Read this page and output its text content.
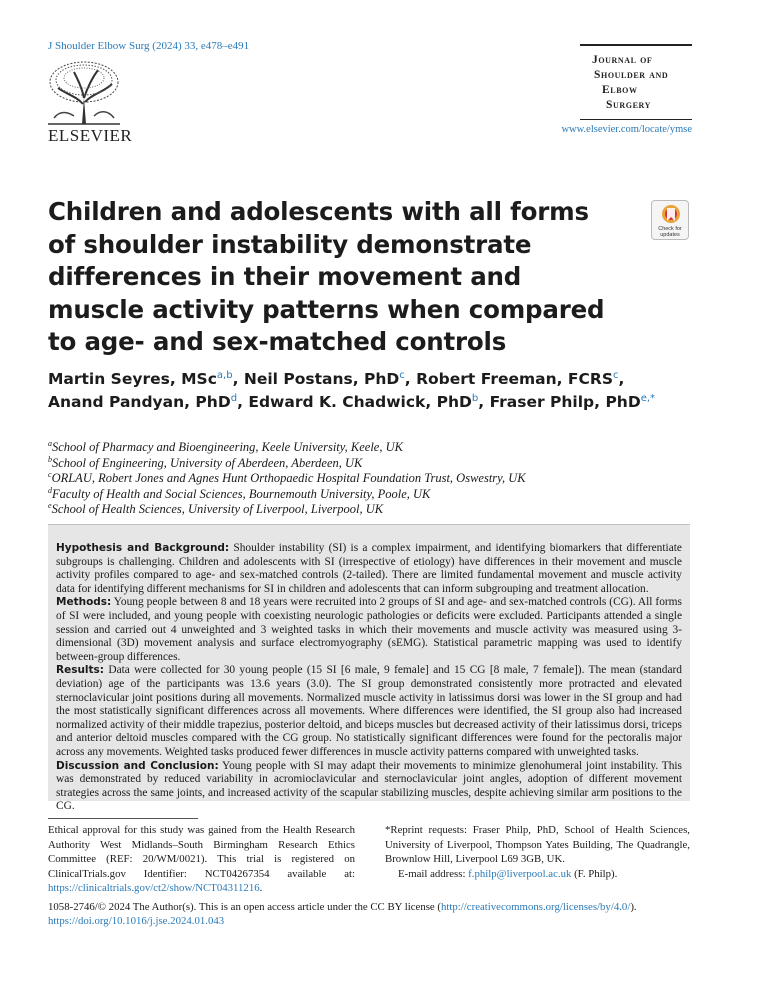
J Shoulder Elbow Surg (2024) 33, e478–e491
ELSEVIER
Journal of
Shoulder and
Elbow
Surgery
www.elsevier.com/locate/ymse
Check for
updates
Children and adolescents with all forms of shoulder instability demonstrate differences in their movement and muscle activity patterns when compared to age- and sex-matched controls
Martin Seyres, MSc$^{a,b}$, Neil Postans, PhD$^c$, Robert Freeman, FCRS$^c$,
Anand Pandyan, PhD$^d$, Edward K. Chadwick, PhD$^b$, Fraser Philp, PhD$^{e,*}$
$^a$School of Pharmacy and Bioengineering, Keele University, Keele, UK
$^b$School of Engineering, University of Aberdeen, Aberdeen, UK
$^c$ORLAU, Robert Jones and Agnes Hunt Orthopaedic Hospital Foundation Trust, Oswestry, UK
$^d$Faculty of Health and Social Sciences, Bournemouth University, Poole, UK
$^e$School of Health Sciences, University of Liverpool, Liverpool, UK

Hypothesis and Background: Shoulder instability (SI) is a complex impairment, and identifying biomarkers that differentiate subgroups is challenging. Children and adolescents with SI (irrespective of etiology) have differences in their movement and muscle activity profiles compared to age- and sex-matched controls (2-tailed). There are limited fundamental movement and muscle activity data for identifying different mechanisms for SI in children and adolescents that can inform subgrouping and treatment allocation.

Methods: Young people between 8 and 18 years were recruited into 2 groups of SI and age- and sex-matched controls (CG). All forms of SI were included, and young people with coexisting neurologic pathologies or deficits were excluded. Participants attended a single session and carried out 4 unweighted and 3 weighted tasks in which their movements and muscle activity was measured using 3-dimensional (3D) movement analysis and surface electromyography (sEMG). Statistical parametric mapping was used to identify between-group differences.

Results: Data were collected for 30 young people (15 SI [6 male, 9 female] and 15 CG [8 male, 7 female]). The mean (standard deviation) age of the participants was 13.6 years (3.0). The SI group demonstrated consistently more protracted and elevated sternoclavicular joint positions during all movements. Normalized muscle activity in latissimus dorsi was lower in the SI group and had the most statistically significant differences across all movements. Where differences were identified, the SI group also had increased normalized activity of their middle trapezius, posterior deltoid, and biceps muscles but decreased activity of their latissimus dorsi, triceps and anterior deltoid muscles compared with the CG group. No statistically significant differences were found for the pectoralis major across any movements. Weighted tasks produced fewer differences in muscle activity patterns compared with unweighted tasks.

Discussion and Conclusion: Young people with SI may adapt their movements to minimize glenohumeral joint instability. This was demonstrated by reduced variability in acromioclavicular and sternoclavicular joint angles, adoption of different movement strategies across the same joints, and increased activity of the scapular stabilizing muscles, despite achieving similar arm positions to the CG.

Ethical approval for this study was gained from the Health Research Authority West Midlands–South Birmingham Research Ethics Committee (REF: 20/WM/0021). This trial is registered on ClinicalTrials.gov Identifier: NCT04267354 available at: https://clinicaltrials.gov/ct2/show/NCT04311216.
*Reprint requests: Fraser Philp, PhD, School of Health Sciences, University of Liverpool, Thompson Yates Building, The Quadrangle, Brownlow Hill, Liverpool L69 3GB, UK.
E-mail address: f.philp@liverpool.ac.uk (F. Philp).
1058-2746/© 2024 The Author(s). This is an open access article under the CC BY license (http://creativecommons.org/licenses/by/4.0/).
https://doi.org/10.1016/j.jse.2024.01.043
